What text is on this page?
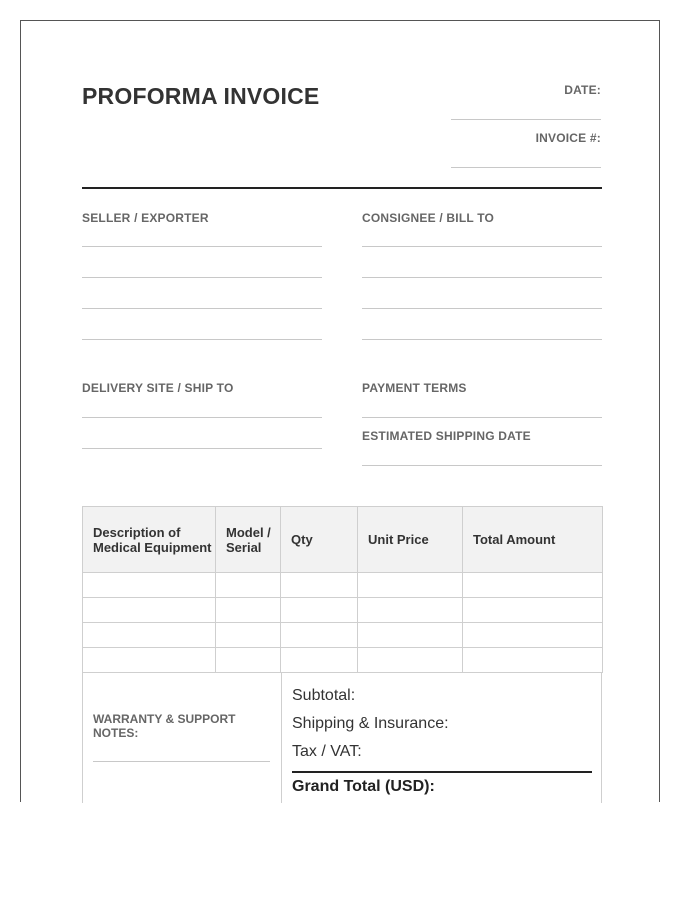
PROFORMA INVOICE	DATE:
INVOICE #:
SELLER / EXPORTER	CONSIGNEE / BILL TO
DELIVERY SITE / SHIP TO	PAYMENT TERMS
ESTIMATED SHIPPING DATE
Description of Medical Equipment	Model / Serial	Qty	Unit Price	Total Amount

WARRANTY & SUPPORT NOTES:
Subtotal:
Shipping & Insurance:
Tax / VAT:
Grand Total (USD):
